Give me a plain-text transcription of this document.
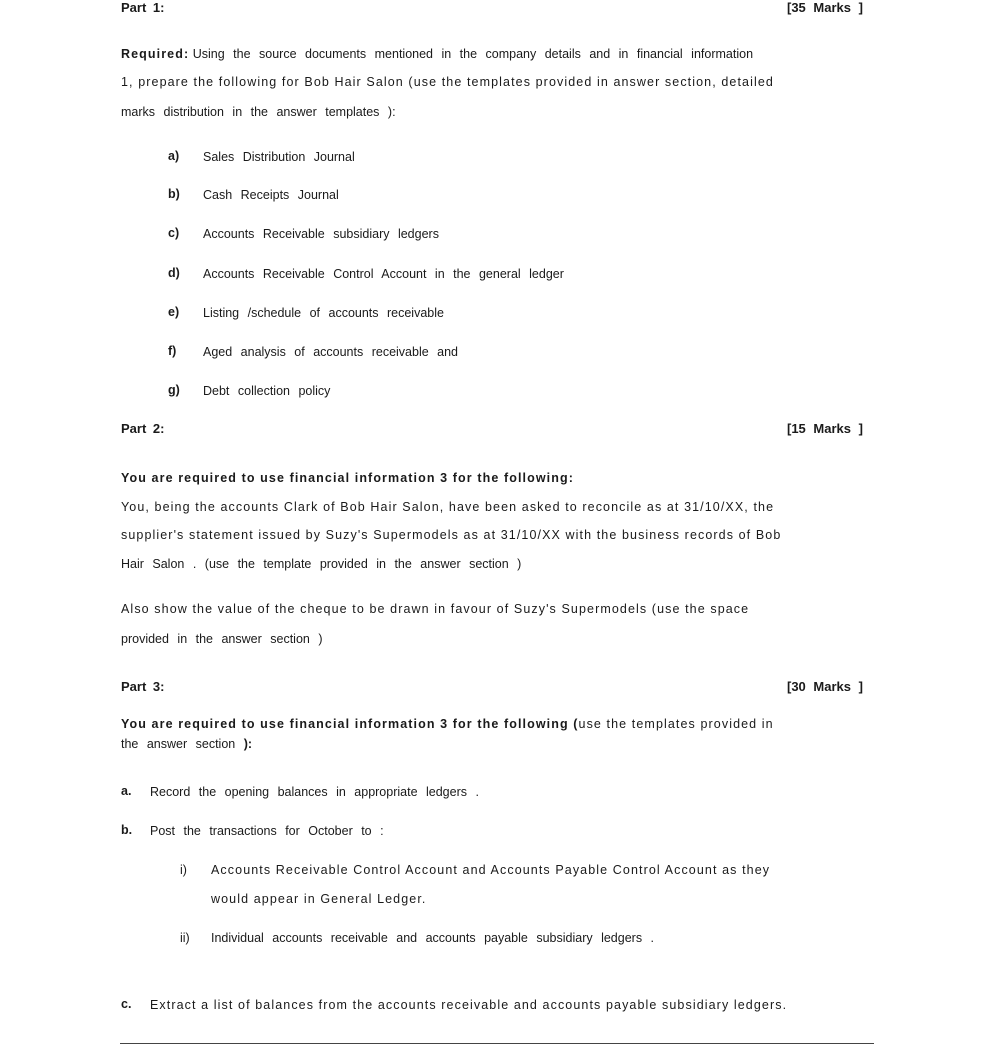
Part 1:	[35 Marks ]
Required: Using the source documents mentioned in the company details and in financial information
1, prepare the following for Bob Hair Salon (use the templates provided in answer section, detailed
marks distribution in the answer templates ):
a) Sales Distribution Journal
b) Cash Receipts Journal
c) Accounts Receivable subsidiary ledgers
d) Accounts Receivable Control Account in the general ledger
e) Listing /schedule of accounts receivable
f) Aged analysis of accounts receivable and
g) Debt collection policy
Part 2:	[15 Marks ]
You are required to use financial information 3 for the following:
You, being the accounts Clark of Bob Hair Salon, have been asked to reconcile as at 31/10/XX, the
supplier's statement issued by Suzy's Supermodels as at 31/10/XX with the business records of Bob
Hair Salon . (use the template provided in the answer section )
Also show the value of the cheque to be drawn in favour of Suzy's Supermodels (use the space
provided in the answer section )
Part 3:	[30 Marks ]
You are required to use financial information 3 for the following (use the templates provided in
the answer section ):
a. Record the opening balances in appropriate ledgers .
b. Post the transactions for October to :
i) Accounts Receivable Control Account and Accounts Payable Control Account as they
would appear in General Ledger.
ii) Individual accounts receivable and accounts payable subsidiary ledgers .
c. Extract a list of balances from the accounts receivable and accounts payable subsidiary ledgers.
